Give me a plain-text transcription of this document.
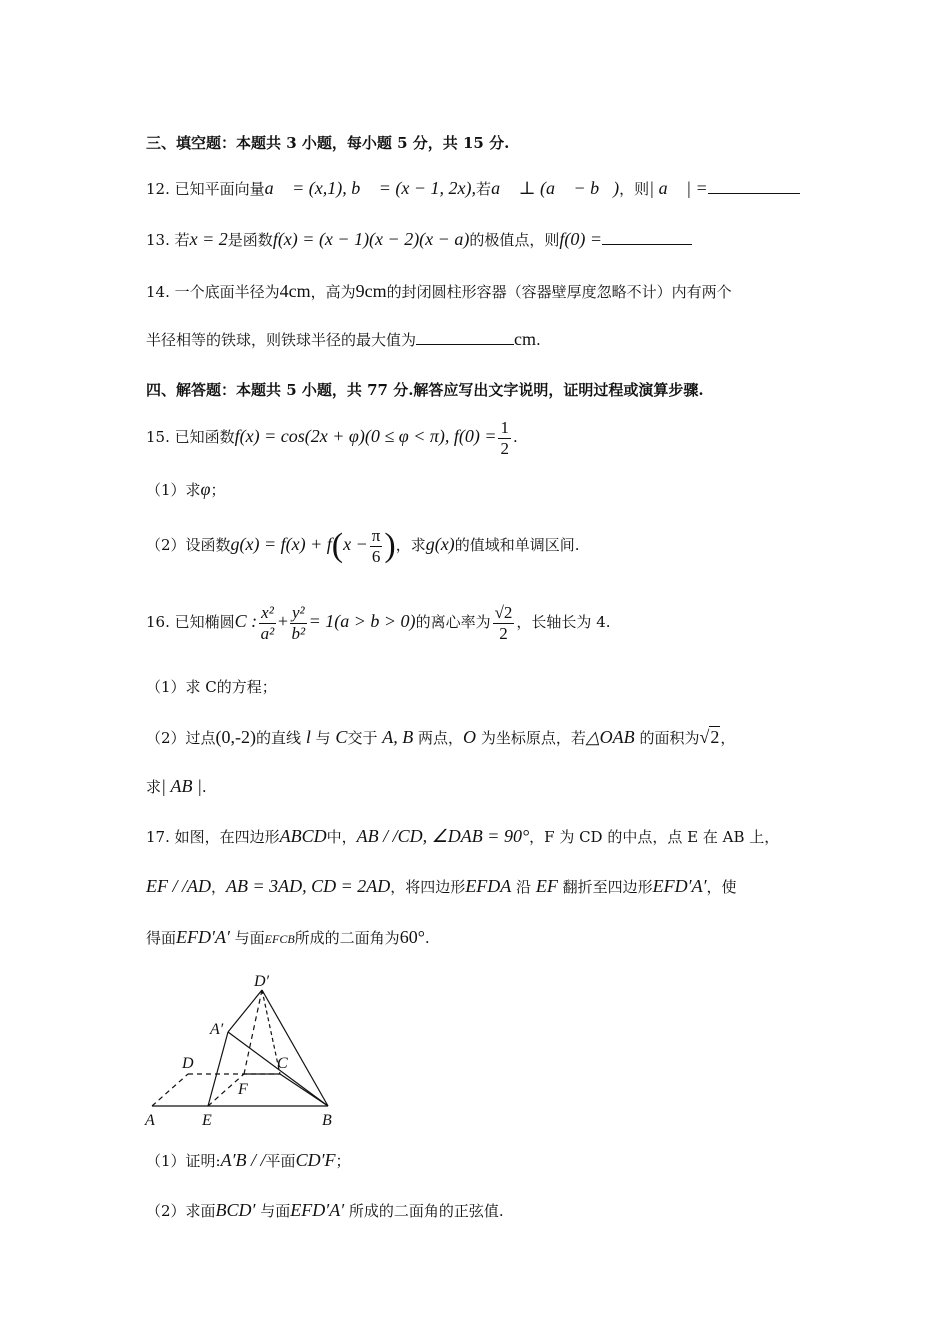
三、填空题：本题共 3 小题，每小题 5 分，共 15 分.
12. 已知平面向量a⃗ = (x,1), b⃗ = (x − 1, 2x),若a⃗ ⊥ (a⃗ − b⃗)，则| a⃗ | =
13. 若x = 2是函数f(x) = (x − 1)(x − 2)(x − a)的极值点，则f(0) =
14. 一个底面半径为4cm，高为9cm的封闭圆柱形容器（容器壁厚度忽略不计）内有两个
半径相等的铁球，则铁球半径的最大值为	cm.
四、解答题：本题共 5 小题，共 77 分.解答应写出文字说明，证明过程或演算步骤.
15. 已知函数f(x) = cos(2x + φ)(0 ≤ φ < π), $f(0) = \frac{1}{2}$ .
（1）求φ；
（2）设函数$g(x) = f(x) + f(x - \frac{\pi}{6}$ )，求g(x)的值域和单调区间.
16. 已知椭圆C : $\frac{\text{x²}}{\text{a²}} + \frac{\text{y²}}{\text{b²}} = 1(a > b > 0)$的离心率为 $\frac{√2}{2}$ ，长轴长为 4.
（1）求 C的方程；
（2）过点(0,-2)的直线 l 与 C交于 A, B 两点，O 为坐标原点，若△OAB 的面积为√2，
求| AB |.
17. 如图，在四边形ABCD中，AB / /CD, ∠DAB = 90°，F 为 CD 的中点，点 E 在 AB 上，
EF / /AD，AB = 3AD, CD = 2AD，将四边形EFDA 沿 EF 翻折至四边形EFD′A′，使
得面EFD′A′ 与面EFCB所成的二面角为60°.
D′
A′
D	C
F
A	E	B
（1）证明:A′B / /平面CD′F；
（2）求面BCD′ 与面EFD′A′ 所成的二面角的正弦值.
